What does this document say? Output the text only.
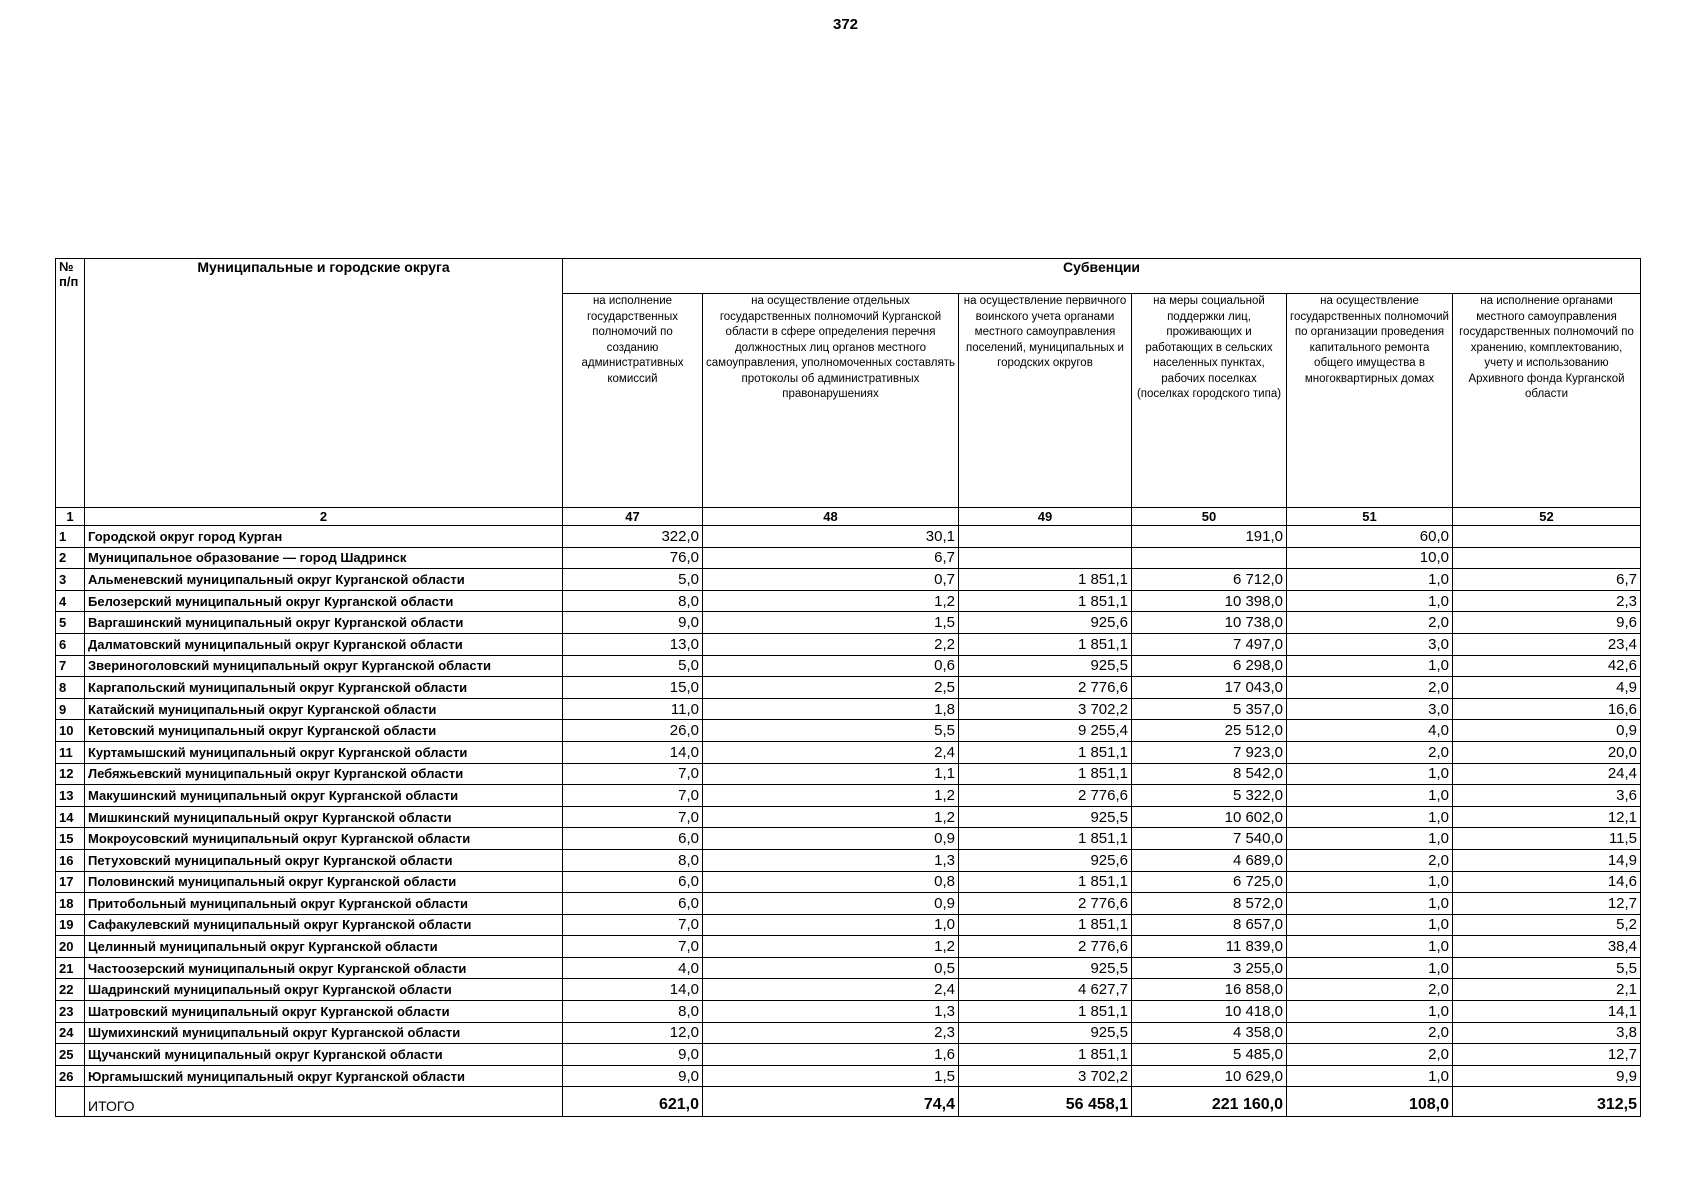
372
№ п/п	Муниципальные и городские округа	Субвенции					
		на исполнение государственных полномочий по созданию административных комиссий	на осуществление отдельных государственных полномочий Курганской области в сфере определения перечня должностных лиц органов местного самоуправления, уполномоченных составлять протоколы об административных правонарушениях	на осуществление первичного воинского учета органами местного самоуправления поселений, муниципальных и городских округов	на меры социальной поддержки лиц, проживающих и работающих в сельских населенных пунктах, рабочих поселках (поселках городского типа)	на осуществление государственных полномочий по организации проведения капитального ремонта общего имущества в многоквартирных домах	на исполнение органами местного самоуправления государственных полномочий по хранению, комплектованию, учету и использованию Архивного фонда Курганской области
1	2	47	48	49	50	51	52
1	Городской округ город Курган	322,0	30,1		191,0	60,0	
2	Муниципальное образование — город Шадринск	76,0	6,7			10,0	
3	Альменевский муниципальный округ Курганской области	5,0	0,7	1 851,1	6 712,0	1,0	6,7
4	Белозерский муниципальный округ Курганской области	8,0	1,2	1 851,1	10 398,0	1,0	2,3
5	Варгашинский муниципальный округ Курганской области	9,0	1,5	925,6	10 738,0	2,0	9,6
6	Далматовский муниципальный округ Курганской области	13,0	2,2	1 851,1	7 497,0	3,0	23,4
7	Звериноголовский муниципальный округ Курганской области	5,0	0,6	925,5	6 298,0	1,0	42,6
8	Каргапольский муниципальный округ Курганской области	15,0	2,5	2 776,6	17 043,0	2,0	4,9
9	Катайский муниципальный округ Курганской области	11,0	1,8	3 702,2	5 357,0	3,0	16,6
10	Кетовский муниципальный округ Курганской области	26,0	5,5	9 255,4	25 512,0	4,0	0,9
11	Куртамышский муниципальный округ Курганской области	14,0	2,4	1 851,1	7 923,0	2,0	20,0
12	Лебяжьевский муниципальный округ Курганской области	7,0	1,1	1 851,1	8 542,0	1,0	24,4
13	Макушинский муниципальный округ Курганской области	7,0	1,2	2 776,6	5 322,0	1,0	3,6
14	Мишкинский муниципальный округ Курганской области	7,0	1,2	925,5	10 602,0	1,0	12,1
15	Мокроусовский муниципальный округ Курганской области	6,0	0,9	1 851,1	7 540,0	1,0	11,5
16	Петуховский муниципальный округ Курганской области	8,0	1,3	925,6	4 689,0	2,0	14,9
17	Половинский муниципальный округ Курганской области	6,0	0,8	1 851,1	6 725,0	1,0	14,6
18	Притобольный муниципальный округ Курганской области	6,0	0,9	2 776,6	8 572,0	1,0	12,7
19	Сафакулевский муниципальный округ Курганской области	7,0	1,0	1 851,1	8 657,0	1,0	5,2
20	Целинный муниципальный округ Курганской области	7,0	1,2	2 776,6	11 839,0	1,0	38,4
21	Частоозерский муниципальный округ Курганской области	4,0	0,5	925,5	3 255,0	1,0	5,5
22	Шадринский муниципальный округ Курганской области	14,0	2,4	4 627,7	16 858,0	2,0	2,1
23	Шатровский муниципальный округ Курганской области	8,0	1,3	1 851,1	10 418,0	1,0	14,1
24	Шумихинский муниципальный округ Курганской области	12,0	2,3	925,5	4 358,0	2,0	3,8
25	Щучанский муниципальный округ Курганской области	9,0	1,6	1 851,1	5 485,0	2,0	12,7
26	Юргамышский муниципальный округ Курганской области	9,0	1,5	3 702,2	10 629,0	1,0	9,9
	ИТОГО	621,0	74,4	56 458,1	221 160,0	108,0	312,5
